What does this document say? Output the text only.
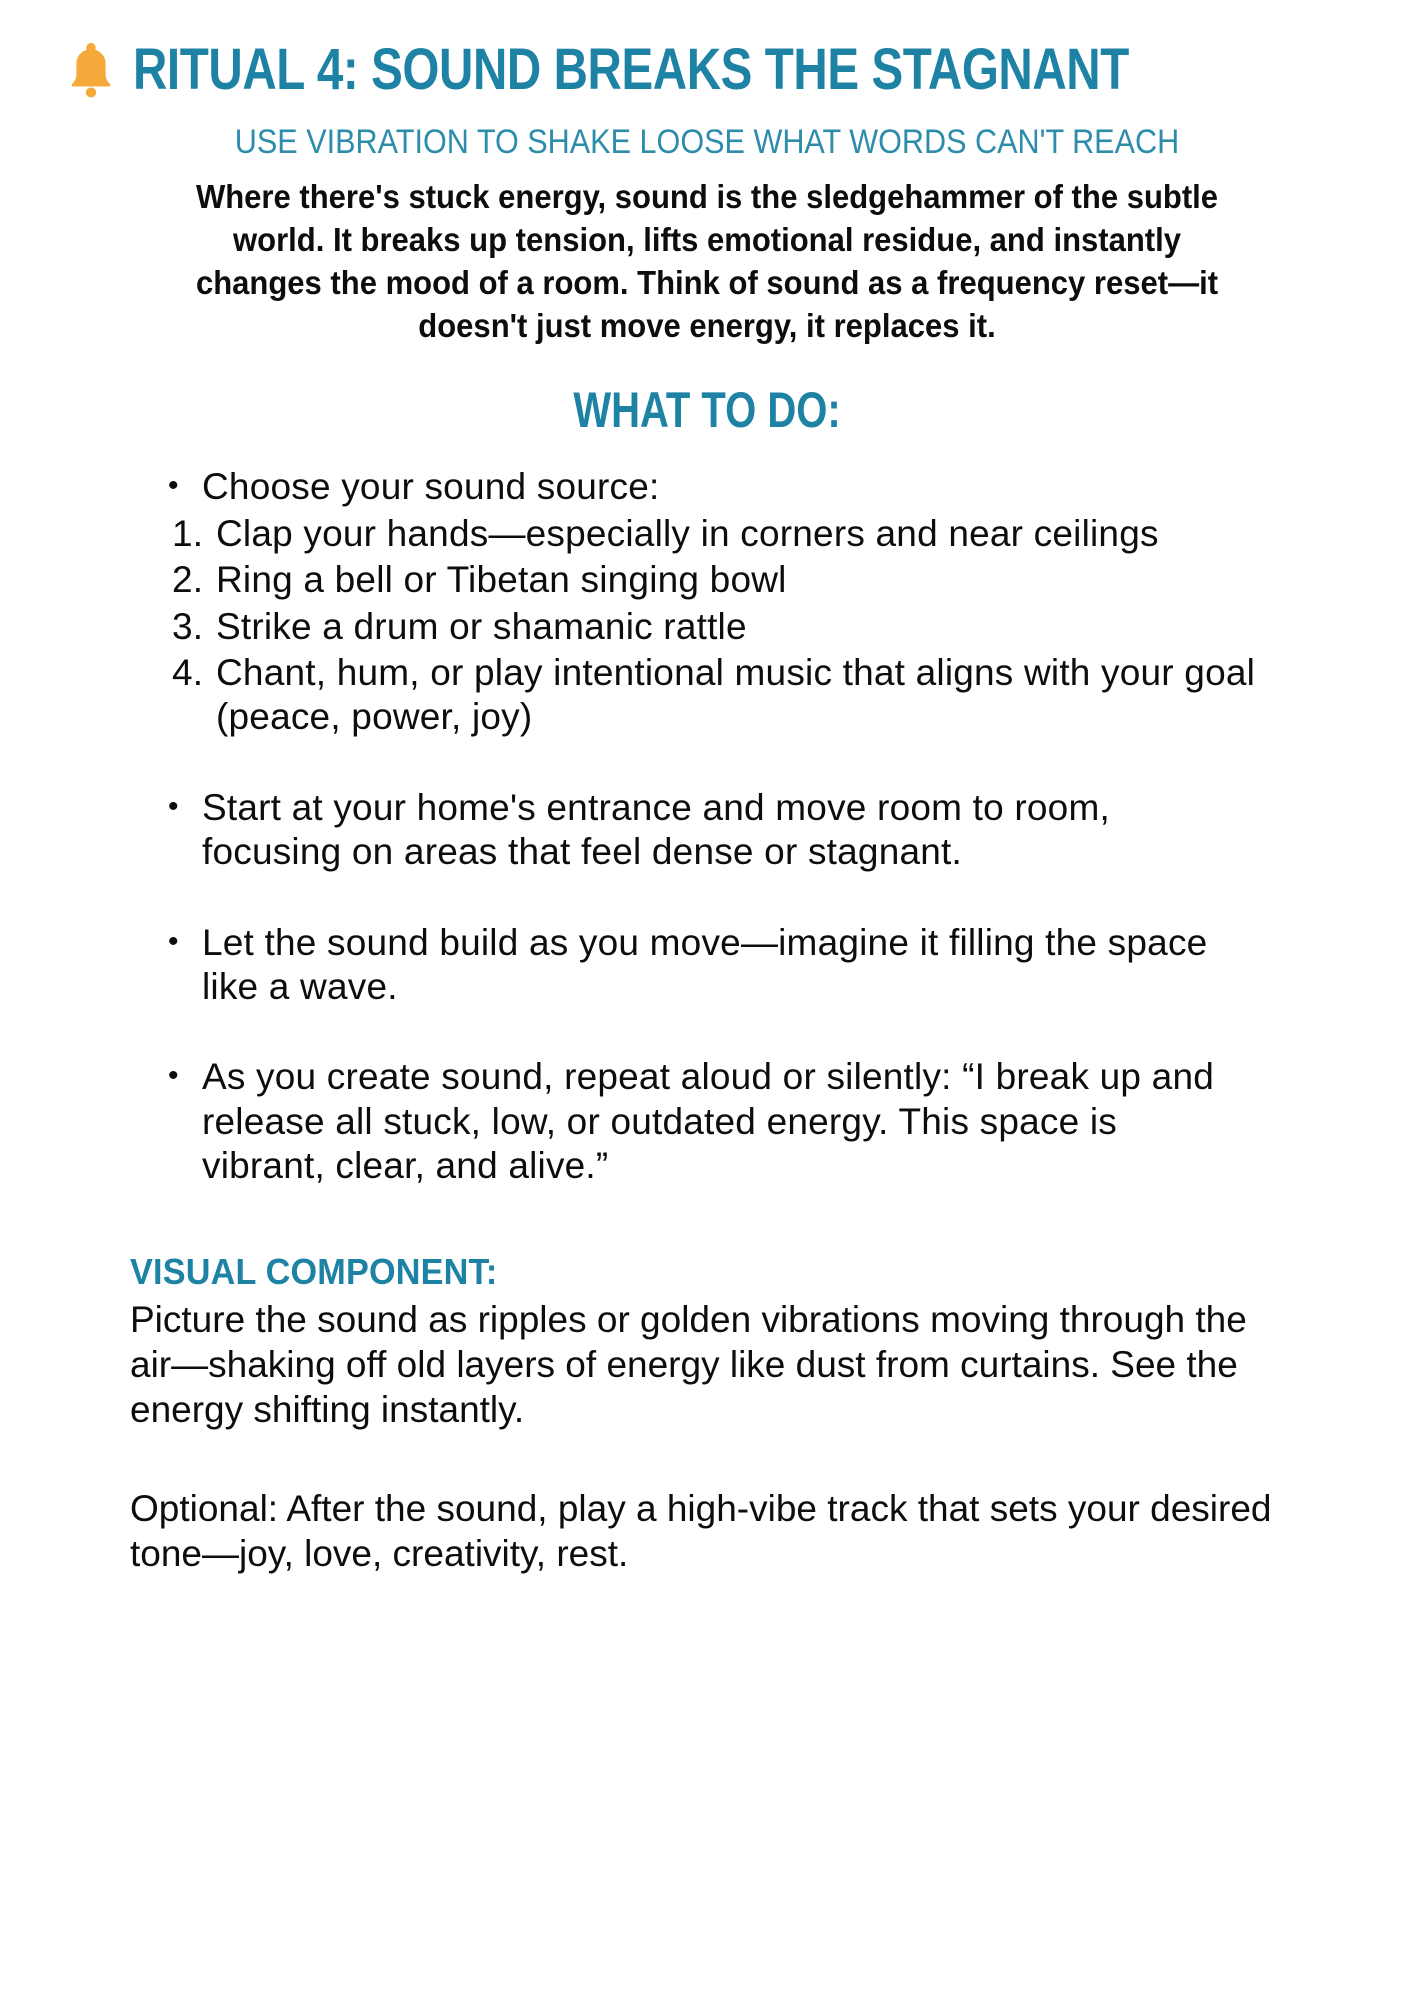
RITUAL 4: SOUND BREAKS THE STAGNANT
USE VIBRATION TO SHAKE LOOSE WHAT WORDS CAN'T REACH
Where there's stuck energy, sound is the sledgehammer of the subtle world. It breaks up tension, lifts emotional residue, and instantly changes the mood of a room. Think of sound as a frequency reset—it doesn't just move energy, it replaces it.
WHAT TO DO:
• Choose your sound source:
1. Clap your hands—especially in corners and near ceilings
2. Ring a bell or Tibetan singing bowl
3. Strike a drum or shamanic rattle
4. Chant, hum, or play intentional music that aligns with your goal (peace, power, joy)
• Start at your home's entrance and move room to room, focusing on areas that feel dense or stagnant.
• Let the sound build as you move—imagine it filling the space like a wave.
• As you create sound, repeat aloud or silently: “I break up and release all stuck, low, or outdated energy. This space is vibrant, clear, and alive.”
VISUAL COMPONENT:
Picture the sound as ripples or golden vibrations moving through the air—shaking off old layers of energy like dust from curtains. See the energy shifting instantly.
Optional: After the sound, play a high-vibe track that sets your desired tone—joy, love, creativity, rest.
